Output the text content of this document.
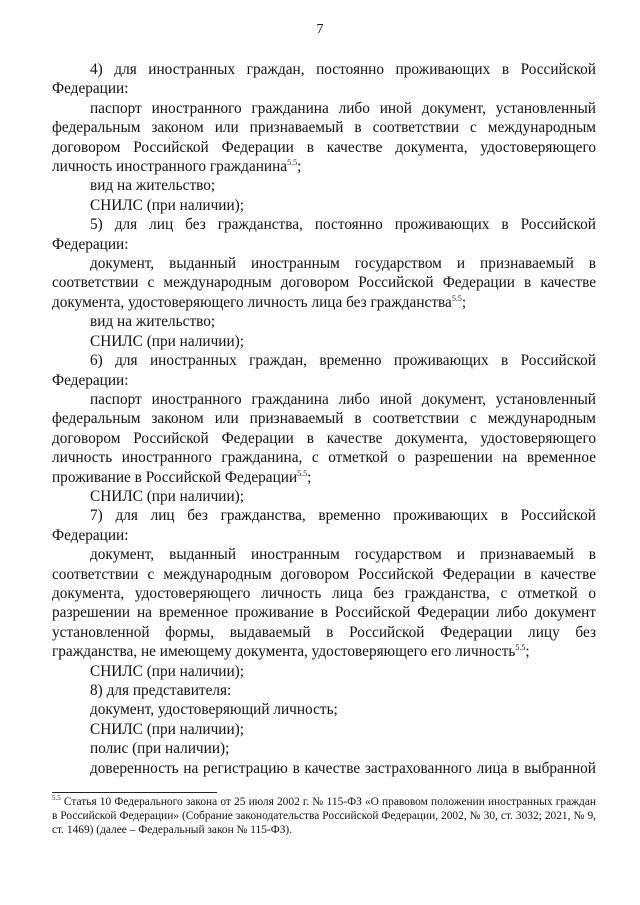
7

4) для иностранных граждан, постоянно проживающих в Российской Федерации:

паспорт иностранного гражданина либо иной документ, установленный федеральным законом или признаваемый в соответствии с международным договором Российской Федерации в качестве документа, удостоверяющего личность иностранного гражданина$^{5.5}$;

вид на жительство;

СНИЛС (при наличии);

5) для лиц без гражданства, постоянно проживающих в Российской Федерации:

документ, выданный иностранным государством и признаваемый в соответствии с международным договором Российской Федерации в качестве документа, удостоверяющего личность лица без гражданства$^{5.5}$;

вид на жительство;

СНИЛС (при наличии);

6) для иностранных граждан, временно проживающих в Российской Федерации:

паспорт иностранного гражданина либо иной документ, установленный федеральным законом или признаваемый в соответствии с международным договором Российской Федерации в качестве документа, удостоверяющего личность иностранного гражданина, с отметкой о разрешении на временное проживание в Российской Федерации$^{5.5}$;

СНИЛС (при наличии);

7) для лиц без гражданства, временно проживающих в Российской Федерации:

документ, выданный иностранным государством и признаваемый в соответствии с международным договором Российской Федерации в качестве документа, удостоверяющего личность лица без гражданства, с отметкой о разрешении на временное проживание в Российской Федерации либо документ установленной формы, выдаваемый в Российской Федерации лицу без гражданства, не имеющему документа, удостоверяющего его личность$^{5.5}$;

СНИЛС (при наличии);

8) для представителя:

документ, удостоверяющий личность;

СНИЛС (при наличии);

полис (при наличии);

доверенность на регистрацию в качестве застрахованного лица в выбранной

$^{5.5}$ Статья 10 Федерального закона от 25 июля 2002 г. № 115-ФЗ «О правовом положении иностранных граждан в Российской Федерации» (Собрание законодательства Российской Федерации, 2002, № 30, ст. 3032; 2021, № 9, ст. 1469) (далее – Федеральный закон № 115-ФЗ).
